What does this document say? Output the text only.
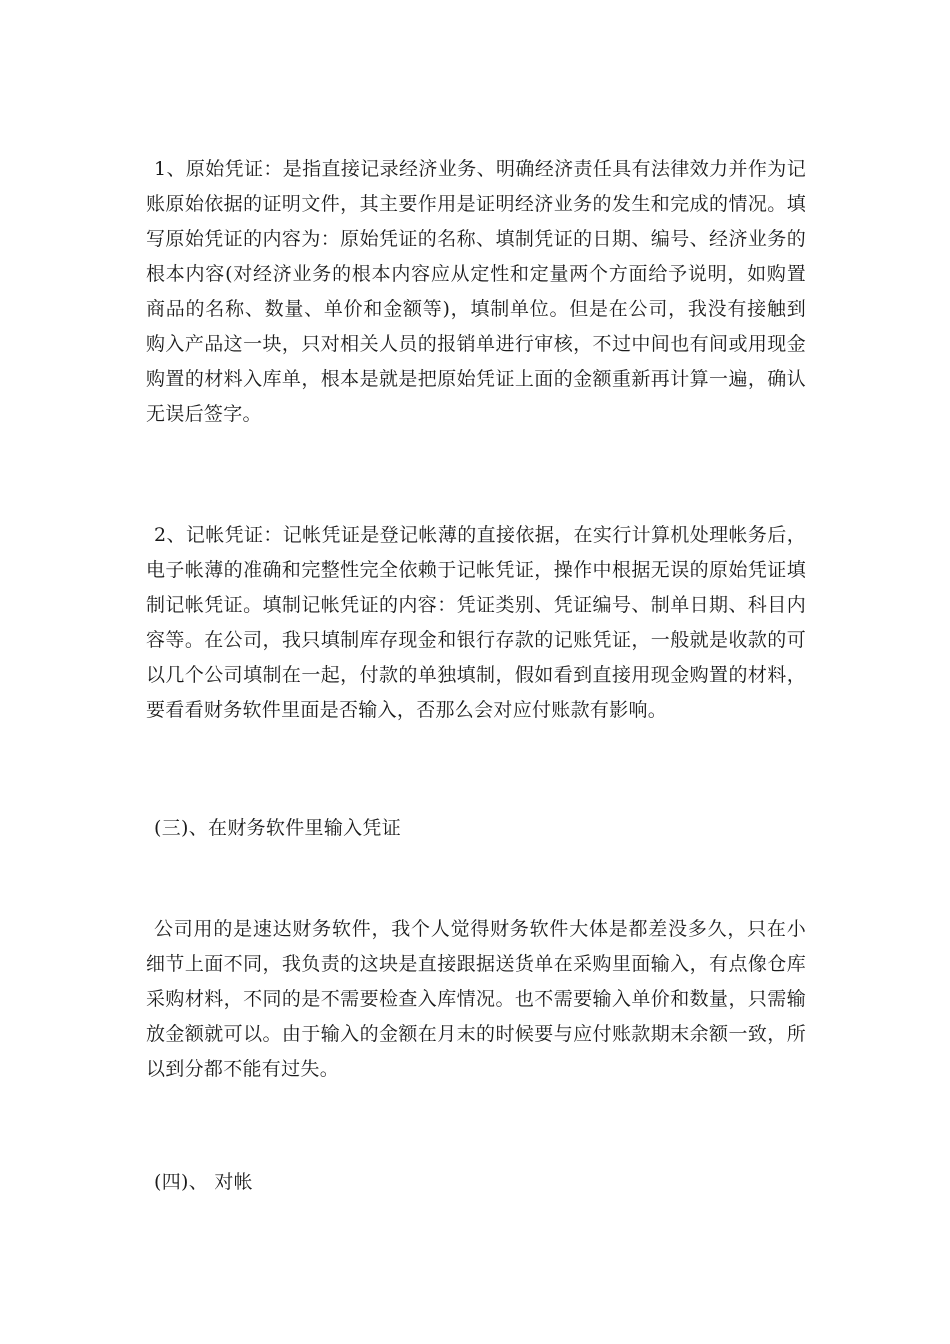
1、原始凭证：是指直接记录经济业务、明确经济责任具有法律效力并作为记账原始依据的证明文件，其主要作用是证明经济业务的发生和完成的情况。填写原始凭证的内容为：原始凭证的名称、填制凭证的日期、编号、经济业务的根本内容(对经济业务的根本内容应从定性和定量两个方面给予说明，如购置商品的名称、数量、单价和金额等)，填制单位。但是在公司，我没有接触到购入产品这一块，只对相关人员的报销单进行审核，不过中间也有间或用现金购置的材料入库单，根本是就是把原始凭证上面的金额重新再计算一遍，确认无误后签字。

2、记帐凭证：记帐凭证是登记帐薄的直接依据，在实行计算机处理帐务后，电子帐薄的准确和完整性完全依赖于记帐凭证，操作中根据无误的原始凭证填制记帐凭证。填制记帐凭证的内容：凭证类别、凭证编号、制单日期、科目内容等。在公司，我只填制库存现金和银行存款的记账凭证，一般就是收款的可以几个公司填制在一起，付款的单独填制，假如看到直接用现金购置的材料，要看看财务软件里面是否输入，否那么会对应付账款有影响。

(三)、在财务软件里输入凭证

公司用的是速达财务软件，我个人觉得财务软件大体是都差没多久，只在小细节上面不同，我负责的这块是直接跟据送货单在采购里面输入，有点像仓库采购材料，不同的是不需要检查入库情况。也不需要输入单价和数量，只需输放金额就可以。由于输入的金额在月末的时候要与应付账款期末余额一致，所以到分都不能有过失。

(四)、 对帐
